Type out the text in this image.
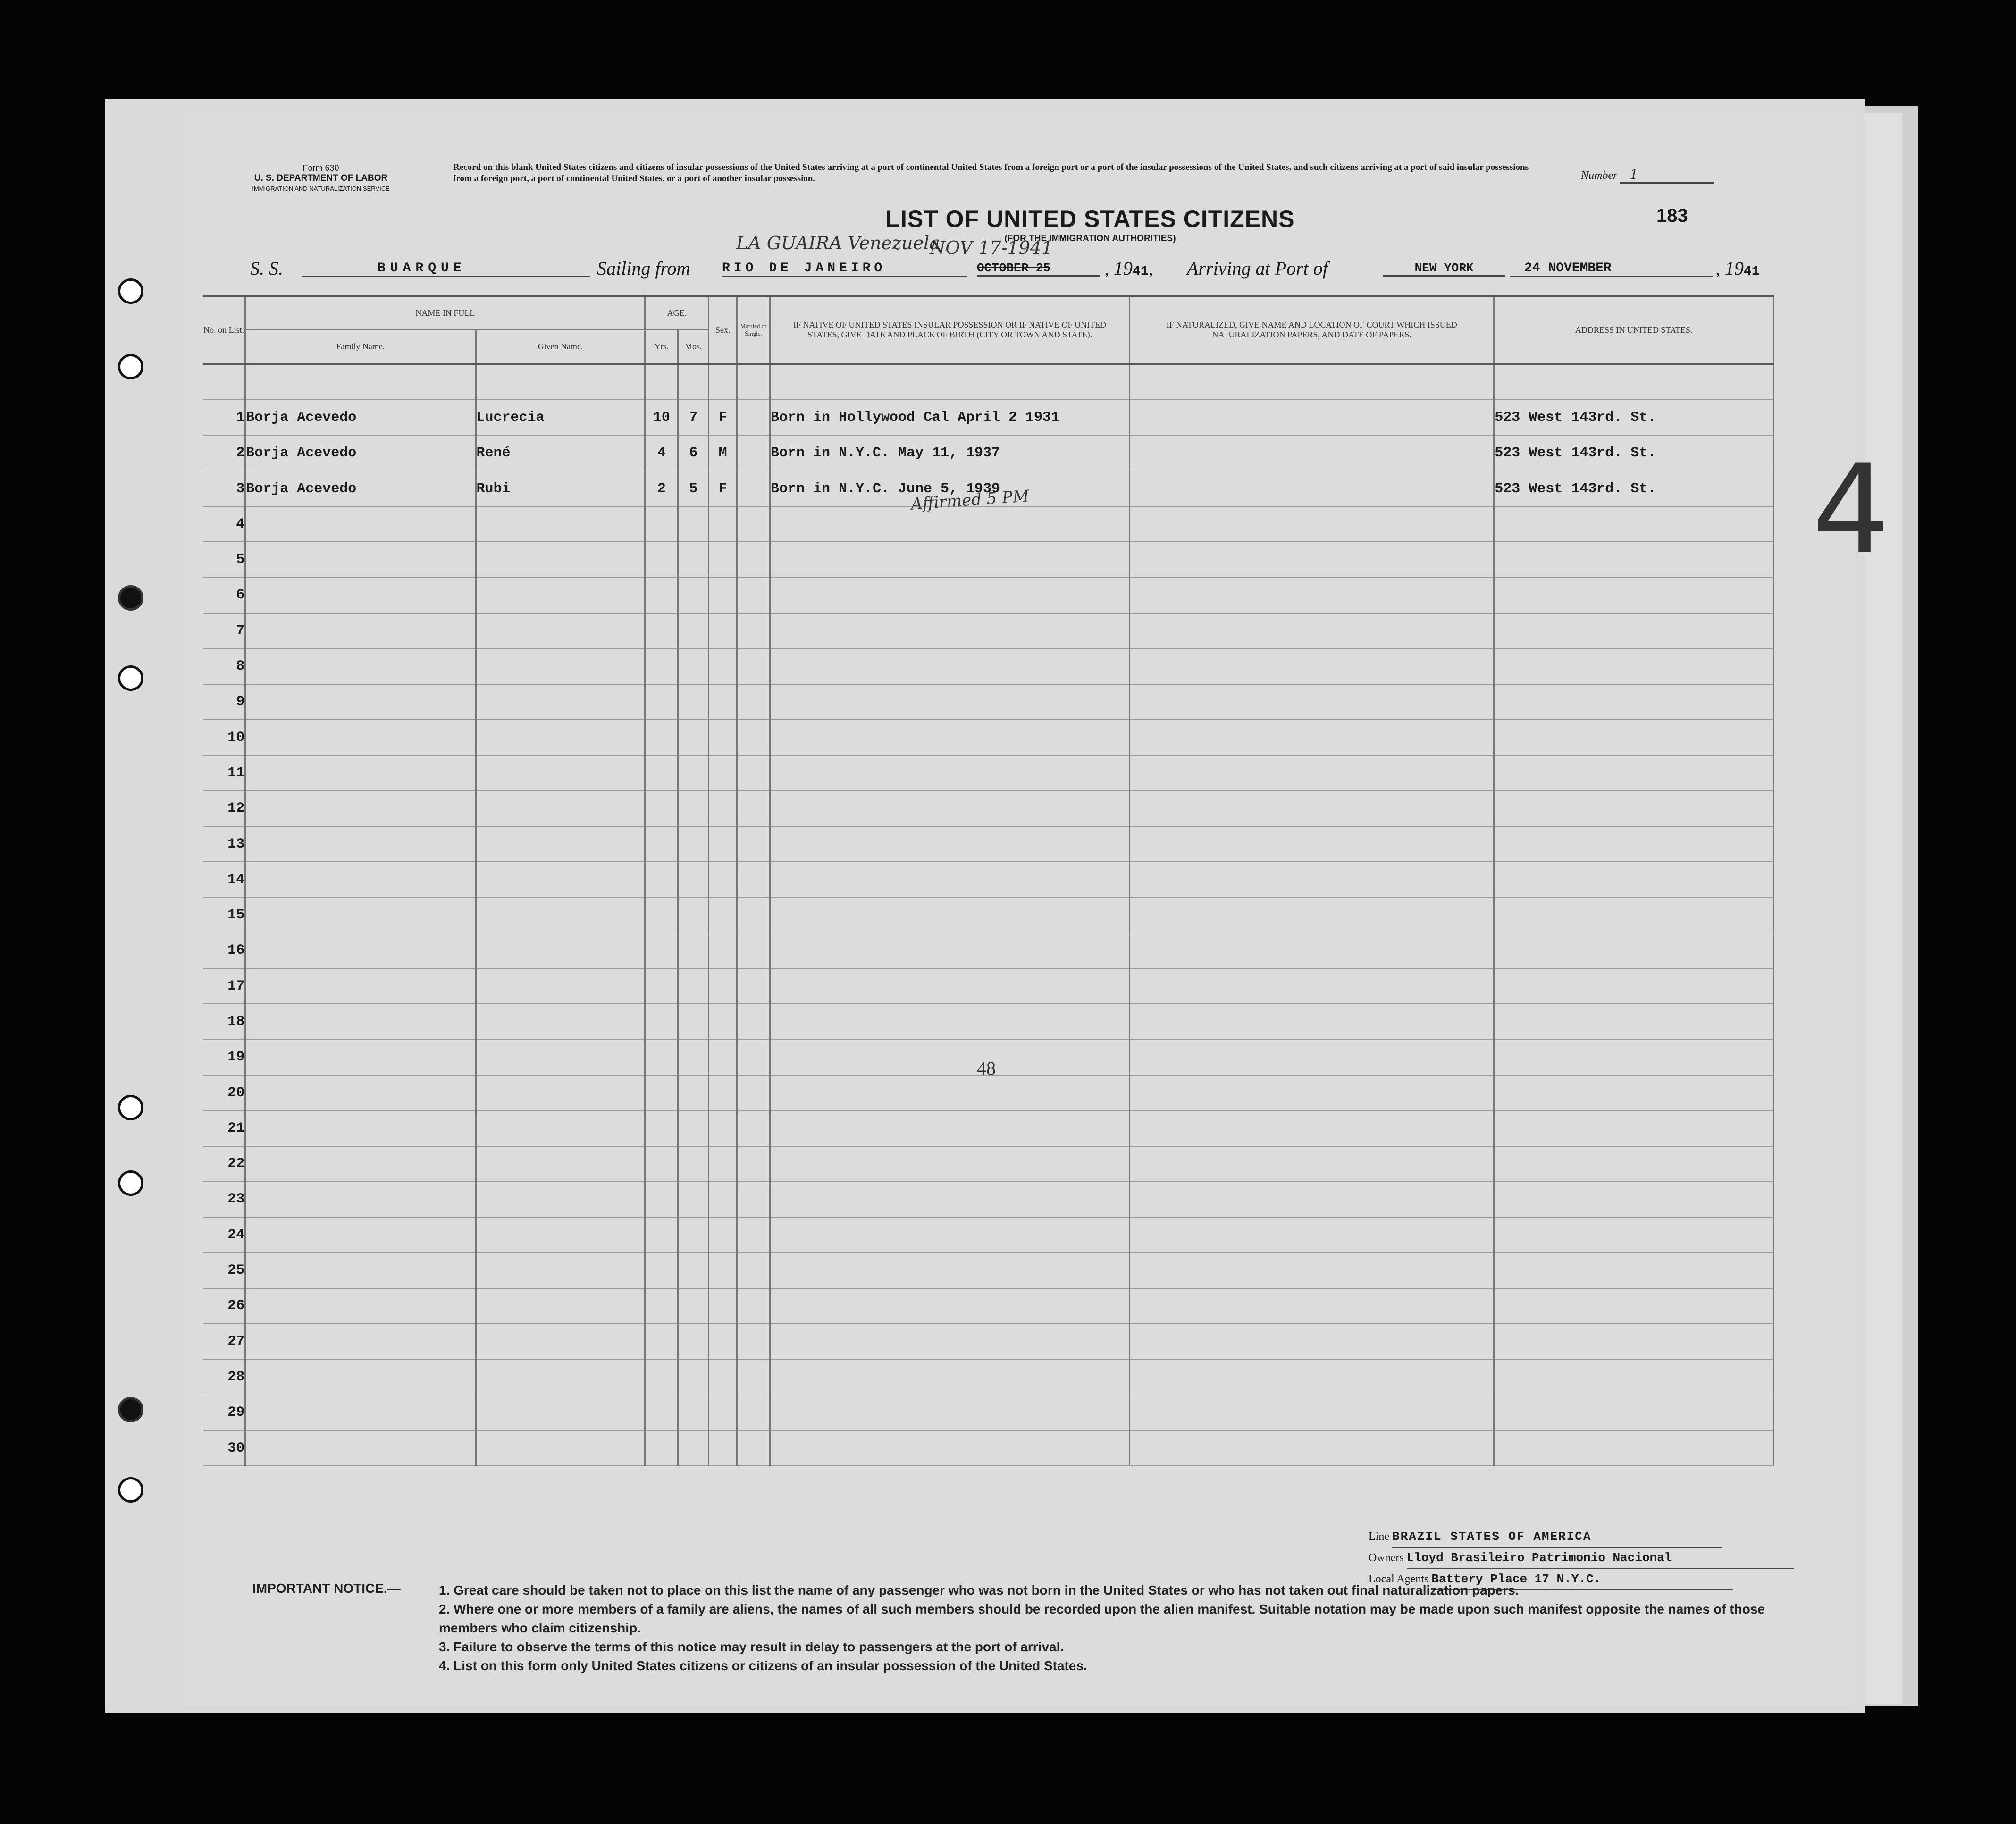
Form 630
U. S. DEPARTMENT OF LABOR
IMMIGRATION AND NATURALIZATION SERVICE
Record on this blank United States citizens and citizens of insular possessions of the United States arriving at a port of continental United States from a foreign port or a port of the insular possessions of the United States, and such citizens arriving at a port of said insular possessions from a foreign port, a port of continental United States, or a port of another insular possession.	Number 1
183
LIST OF UNITED STATES CITIZENS
(FOR THE IMMIGRATION AUTHORITIES)
S. S.	BUARQUE	Sailing from RIO DE JANEIRO
LA GUAIRA Venezuela
OCTOBER 25
NOV 17-1941
, 1941, Arriving at Port of	NEW YORK	24 NOVEMBER	, 1941
No. on List.	NAME IN FULL		AGE.		Sex.	Married or Single.	IF NATIVE OF UNITED STATES INSULAR POSSESSION OR IF NATIVE OF UNITED STATES, GIVE DATE AND PLACE OF BIRTH (CITY OR TOWN AND STATE).	IF NATURALIZED, GIVE NAME AND LOCATION OF COURT WHICH ISSUED NATURALIZATION PAPERS, AND DATE OF PAPERS.	ADDRESS IN UNITED STATES.
	Family Name.	Given Name.	Yrs.	Mos.					

1	Borja Acevedo	Lucrecia	10	7	F		Born in Hollywood Cal April 2 1931		523 West 143rd. St.
2	Borja Acevedo	René	4	6	M		Born in N.Y.C. May 11, 1937		523 West 143rd. St.
3	Borja Acevedo	Rubi	2	5	F		Born in N.Y.C. June 5, 1939		523 West 143rd. St.
4									
5									
6									
7									
8									
9									
10									
11									
12									
13									
14									
15									
16									
17									
18									
19									
20									
21									
22									
23									
24									
25									
26									
27									
28									
29									
30									
48
Affirmed 5 PM
Line BRAZIL STATES OF AMERICA
Owners Lloyd Brasileiro Patrimonio Nacional
Local Agents Battery Place 17 N.Y.C.
IMPORTANT NOTICE.—	1. Great care should be taken not to place on this list the name of any passenger who was not born in the United States or who has not taken out final naturalization papers.
2. Where one or more members of a family are aliens, the names of all such members should be recorded upon the alien manifest. Suitable notation may be made upon such manifest opposite the names of those members who claim citizenship.
3. Failure to observe the terms of this notice may result in delay to passengers at the port of arrival.
4. List on this form only United States citizens or citizens of an insular possession of the United States.
4
